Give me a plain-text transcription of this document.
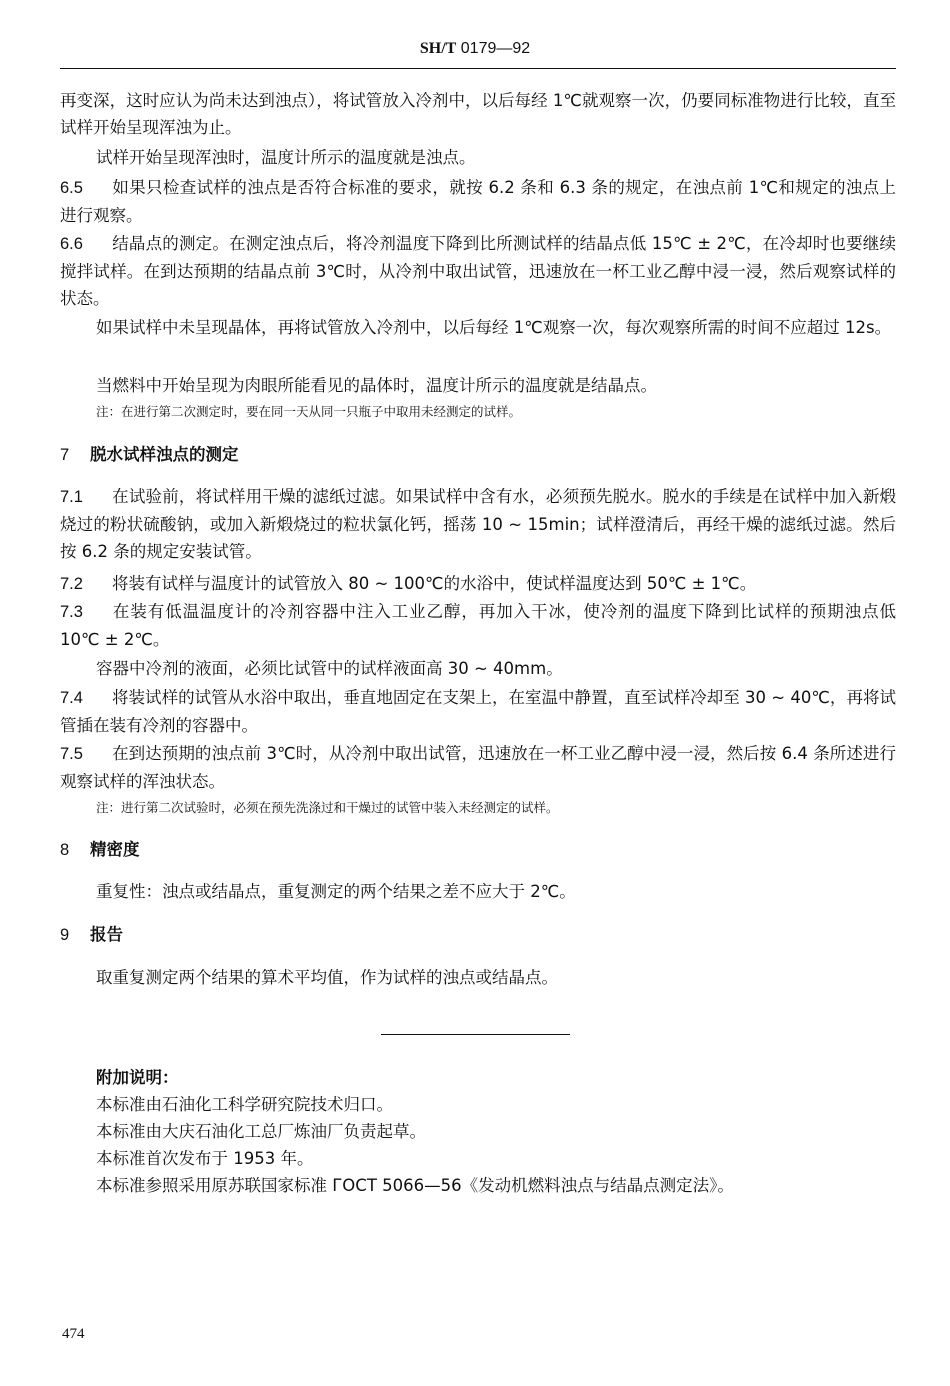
SH/T 0179—92

再变深，这时应认为尚未达到浊点），将试管放入冷剂中，以后每经 1℃就观察一次，仍要同标准物进行比较，直至试样开始呈现浑浊为止。

试样开始呈现浑浊时，温度计所示的温度就是浊点。

6.5 如果只检查试样的浊点是否符合标准的要求，就按 6.2 条和 6.3 条的规定，在浊点前 1℃和规定的浊点上进行观察。

6.6 结晶点的测定。在测定浊点后，将冷剂温度下降到比所测试样的结晶点低 15℃ ± 2℃，在冷却时也要继续搅拌试样。在到达预期的结晶点前 3℃时，从冷剂中取出试管，迅速放在一杯工业乙醇中浸一浸，然后观察试样的状态。

如果试样中未呈现晶体，再将试管放入冷剂中，以后每经 1℃观察一次，每次观察所需的时间不应超过 12s。

当燃料中开始呈现为肉眼所能看见的晶体时，温度计所示的温度就是结晶点。

注：在进行第二次测定时，要在同一天从同一只瓶子中取用未经测定的试样。

7 脱水试样浊点的测定

7.1 在试验前，将试样用干燥的滤纸过滤。如果试样中含有水，必须预先脱水。脱水的手续是在试样中加入新煅烧过的粉状硫酸钠，或加入新煅烧过的粒状氯化钙，摇荡 10 ~ 15min；试样澄清后，再经干燥的滤纸过滤。然后按 6.2 条的规定安装试管。

7.2 将装有试样与温度计的试管放入 80 ~ 100℃的水浴中，使试样温度达到 50℃ ± 1℃。

7.3 在装有低温温度计的冷剂容器中注入工业乙醇，再加入干冰，使冷剂的温度下降到比试样的预期浊点低 10℃ ± 2℃。

容器中冷剂的液面，必须比试管中的试样液面高 30 ~ 40mm。

7.4 将装试样的试管从水浴中取出，垂直地固定在支架上，在室温中静置，直至试样冷却至 30 ~ 40℃，再将试管插在装有冷剂的容器中。

7.5 在到达预期的浊点前 3℃时，从冷剂中取出试管，迅速放在一杯工业乙醇中浸一浸，然后按 6.4 条所述进行观察试样的浑浊状态。

注：进行第二次试验时，必须在预先洗涤过和干燥过的试管中装入未经测定的试样。

8 精密度

重复性：浊点或结晶点，重复测定的两个结果之差不应大于 2℃。

9 报告

取重复测定两个结果的算术平均值，作为试样的浊点或结晶点。

附加说明：
本标准由石油化工科学研究院技术归口。
本标准由大庆石油化工总厂炼油厂负责起草。
本标准首次发布于 1953 年。
本标准参照采用原苏联国家标准 ГОСТ 5066—56《发动机燃料浊点与结晶点测定法》。
474
